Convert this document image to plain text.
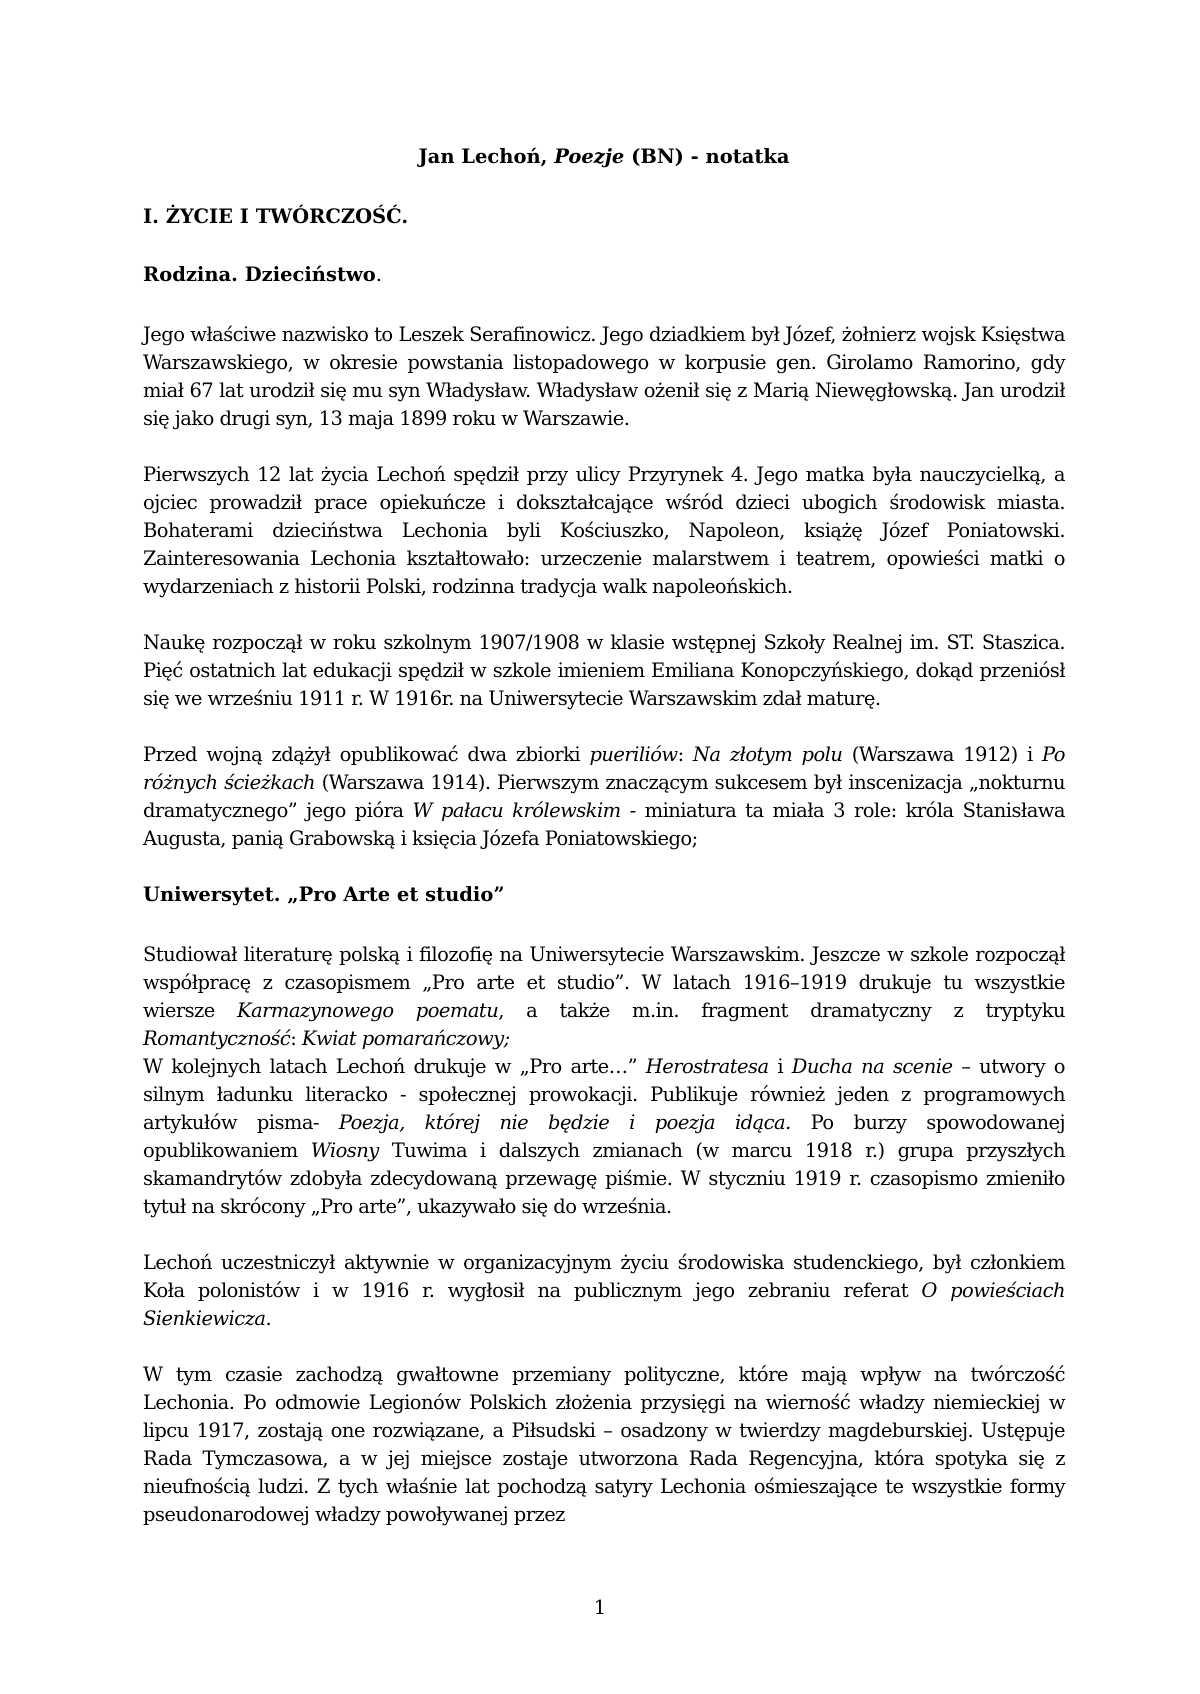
Jan Lechoń, Poezje (BN) - notatka
I. ŻYCIE I TWÓRCZOŚĆ.
Rodzina. Dzieciństwo.

Jego właściwe nazwisko to Leszek Serafinowicz. Jego dziadkiem był Józef, żołnierz wojsk Księstwa Warszawskiego, w okresie powstania listopadowego w korpusie gen. Girolamo Ramorino, gdy miał 67 lat urodził się mu syn Władysław. Władysław ożenił się z Marią Niewęgłowską. Jan urodził się jako drugi syn, 13 maja 1899 roku w Warszawie.

Pierwszych 12 lat życia Lechoń spędził przy ulicy Przyrynek 4. Jego matka była nauczycielką, a ojciec prowadził prace opiekuńcze i dokształcające wśród dzieci ubogich środowisk miasta. Bohaterami dzieciństwa Lechonia byli Kościuszko, Napoleon, książę Józef Poniatowski. Zainteresowania Lechonia kształtowało: urzeczenie malarstwem i teatrem, opowieści matki o wydarzeniach z historii Polski, rodzinna tradycja walk napoleońskich.

Naukę rozpoczął w roku szkolnym 1907/1908 w klasie wstępnej Szkoły Realnej im. ST. Staszica. Pięć ostatnich lat edukacji spędził w szkole imieniem Emiliana Konopczyńskiego, dokąd przeniósł się we wrześniu 1911 r. W 1916r. na Uniwersytecie Warszawskim zdał maturę.

Przed wojną zdążył opublikować dwa zbiorki pueriliów: Na złotym polu (Warszawa 1912) i Po różnych ścieżkach (Warszawa 1914). Pierwszym znaczącym sukcesem był inscenizacja „nokturnu dramatycznego” jego pióra W pałacu królewskim - miniatura ta miała 3 role: króla Stanisława Augusta, panią Grabowską i księcia Józefa Poniatowskiego;

Uniwersytet. „Pro Arte et studio”

Studiował literaturę polską i filozofię na Uniwersytecie Warszawskim. Jeszcze w szkole rozpoczął współpracę z czasopismem „Pro arte et studio”. W latach 1916–1919 drukuje tu wszystkie wiersze Karmazynowego poematu, a także m.in. fragment dramatyczny z tryptyku Romantyczność: Kwiat pomarańczowy;

W kolejnych latach Lechoń drukuje w „Pro arte…” Herostratesa i Ducha na scenie – utwory o silnym ładunku literacko - społecznej prowokacji. Publikuje również jeden z programowych artykułów pisma- Poezja, której nie będzie i poezja idąca. Po burzy spowodowanej opublikowaniem Wiosny Tuwima i dalszych zmianach (w marcu 1918 r.) grupa przyszłych skamandrytów zdobyła zdecydowaną przewagę piśmie. W styczniu 1919 r. czasopismo zmieniło tytuł na skrócony „Pro arte”, ukazywało się do września.

Lechoń uczestniczył aktywnie w organizacyjnym życiu środowiska studenckiego, był członkiem Koła polonistów i w 1916 r. wygłosił na publicznym jego zebraniu referat O powieściach Sienkiewicza.

W tym czasie zachodzą gwałtowne przemiany polityczne, które mają wpływ na twórczość Lechonia. Po odmowie Legionów Polskich złożenia przysięgi na wierność władzy niemieckiej w lipcu 1917, zostają one rozwiązane, a Piłsudski – osadzony w twierdzy magdeburskiej. Ustępuje Rada Tymczasowa, a w jej miejsce zostaje utworzona Rada Regencyjna, która spotyka się z nieufnością ludzi. Z tych właśnie lat pochodzą satyry Lechonia ośmieszające te wszystkie formy pseudonarodowej władzy powoływanej przez

1
